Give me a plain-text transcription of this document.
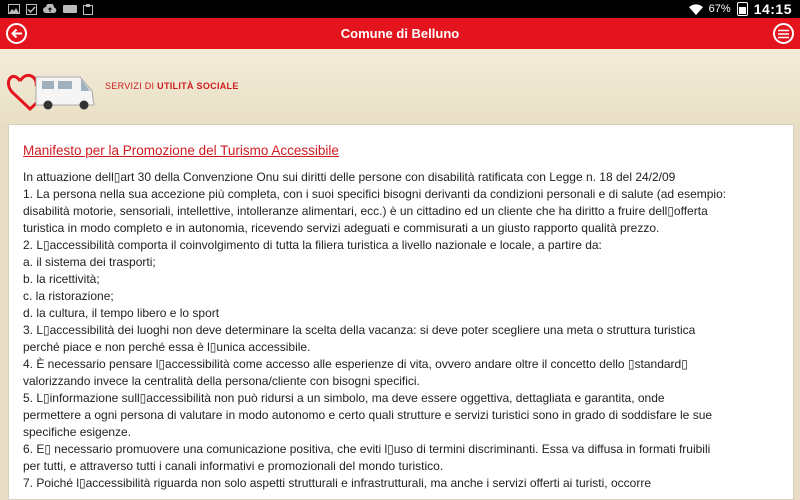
67% 14:15
Comune di Belluno
SERVIZI DI UTILITÀ SOCIALE
Manifesto per la Promozione del Turismo Accessibile
In attuazione dell▯art 30 della Convenzione Onu sui diritti delle persone con disabilità ratificata con Legge n. 18 del 24/2/09
1. La persona nella sua accezione più completa, con i suoi specifici bisogni derivanti da condizioni personali e di salute (ad esempio:
disabilità motorie, sensoriali, intellettive, intolleranze alimentari, ecc.) è un cittadino ed un cliente che ha diritto a fruire dell▯offerta
turistica in modo completo e in autonomia, ricevendo servizi adeguati e commisurati a un giusto rapporto qualità prezzo.
2. L▯accessibilità comporta il coinvolgimento di tutta la filiera turistica a livello nazionale e locale, a partire da:
a. il sistema dei trasporti;
b. la ricettività;
c. la ristorazione;
d. la cultura, il tempo libero e lo sport
3. L▯accessibilità dei luoghi non deve determinare la scelta della vacanza: si deve poter scegliere una meta o struttura turistica
perché piace e non perché essa è l▯unica accessibile.
4. È necessario pensare l▯accessibilità come accesso alle esperienze di vita, ovvero andare oltre il concetto dello ▯standard▯
valorizzando invece la centralità della persona/cliente con bisogni specifici.
5. L▯informazione sull▯accessibilità non può ridursi a un simbolo, ma deve essere oggettiva, dettagliata e garantita, onde
permettere a ogni persona di valutare in modo autonomo e certo quali strutture e servizi turistici sono in grado di soddisfare le sue
specifiche esigenze.
6. E▯ necessario promuovere una comunicazione positiva, che eviti l▯uso di termini discriminanti. Essa va diffusa in formati fruibili
per tutti, e attraverso tutti i canali informativi e promozionali del mondo turistico.
7. Poiché l▯accessibilità riguarda non solo aspetti strutturali e infrastrutturali, ma anche i servizi offerti ai turisti, occorre
